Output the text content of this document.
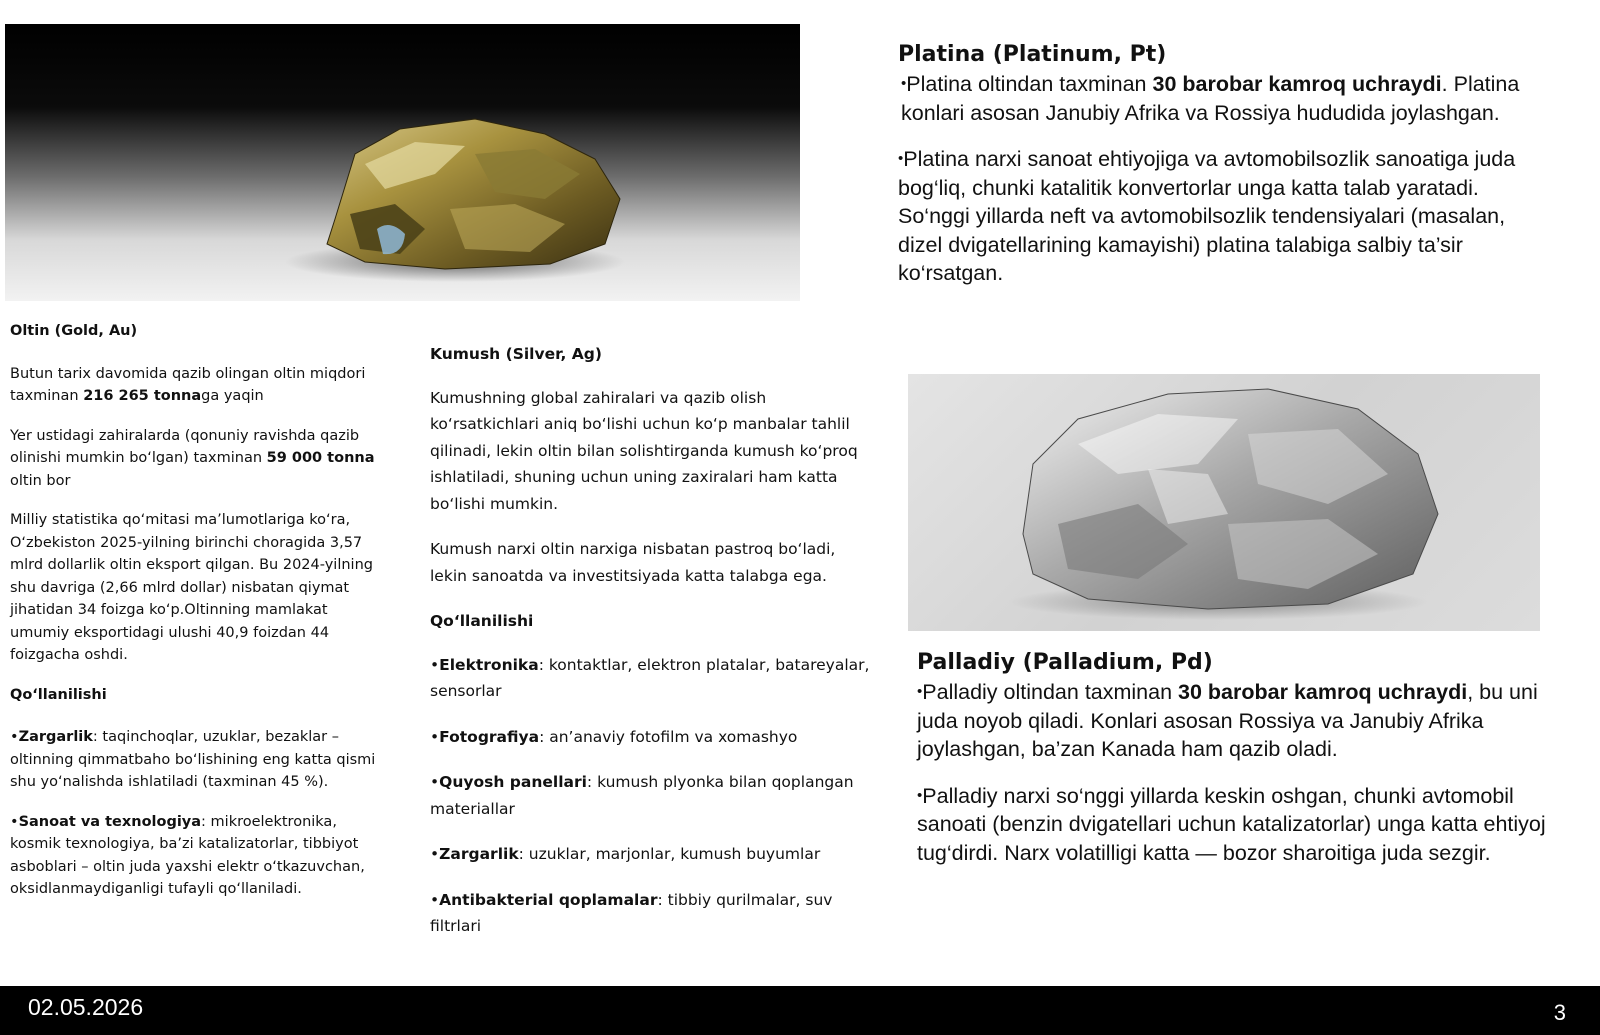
Oltin (Gold, Au)

Butun tarix davomida qazib olingan oltin miqdori taxminan 216 265 tonnaga yaqin

Yer ustidagi zahiralarda (qonuniy ravishda qazib olinishi mumkin bo‘lgan) taxminan 59 000 tonna oltin bor

Milliy statistika qo‘mitasi ma’lumotlariga ko‘ra, O‘zbekiston 2025-yilning birinchi choragida 3,57 mlrd dollarlik oltin eksport qilgan. Bu 2024-yilning shu davriga (2,66 mlrd dollar) nisbatan qiymat jihatidan 34 foizga ko‘p.Oltinning mamlakat umumiy eksportidagi ulushi 40,9 foizdan 44 foizgacha oshdi.

Qo‘llanilishi

•Zargarlik: taqinchoqlar, uzuklar, bezaklar – oltinning qimmatbaho bo‘lishining eng katta qismi shu yo‘nalishda ishlatiladi (taxminan 45 %).

•Sanoat va texnologiya: mikroelektronika, kosmik texnologiya, ba’zi katalizatorlar, tibbiyot asboblari – oltin juda yaxshi elektr o‘tkazuvchan, oksidlanmaydiganligi tufayli qo‘llaniladi.

Kumush (Silver, Ag)

Kumushning global zahiralari va qazib olish ko‘rsatkichlari aniq bo‘lishi uchun ko‘p manbalar tahlil qilinadi, lekin oltin bilan solishtirganda kumush ko‘proq ishlatiladi, shuning uchun uning zaxiralari ham katta bo‘lishi mumkin.

Kumush narxi oltin narxiga nisbatan pastroq bo‘ladi, lekin sanoatda va investitsiyada katta talabga ega.

Qo‘llanilishi

•Elektronika: kontaktlar, elektron platalar, batareyalar, sensorlar

•Fotografiya: an’anaviy fotofilm va xomashyo

•Quyosh panellari: kumush plyonka bilan qoplangan materiallar

•Zargarlik: uzuklar, marjonlar, kumush buyumlar

•Antibakterial qoplamalar: tibbiy qurilmalar, suv filtrlari

Platina (Platinum, Pt)

•Platina oltindan taxminan 30 barobar kamroq uchraydi. Platina konlari asosan Janubiy Afrika va Rossiya hududida joylashgan.

•Platina narxi sanoat ehtiyojiga va avtomobilsozlik sanoatiga juda bog‘liq, chunki katalitik konvertorlar unga katta talab yaratadi. So‘nggi yillarda neft va avtomobilsozlik tendensiyalari (masalan, dizel dvigatellarining kamayishi) platina talabiga salbiy ta’sir ko‘rsatgan.

Palladiy (Palladium, Pd)

•Palladiy oltindan taxminan 30 barobar kamroq uchraydi, bu uni juda noyob qiladi. Konlari asosan Rossiya va Janubiy Afrika joylashgan, ba’zan Kanada ham qazib oladi.

•Palladiy narxi so‘nggi yillarda keskin oshgan, chunki avtomobil sanoati (benzin dvigatellari uchun katalizatorlar) unga katta ehtiyoj tug‘dirdi. Narx volatilligi katta — bozor sharoitiga juda sezgir.

02.05.2026	3
